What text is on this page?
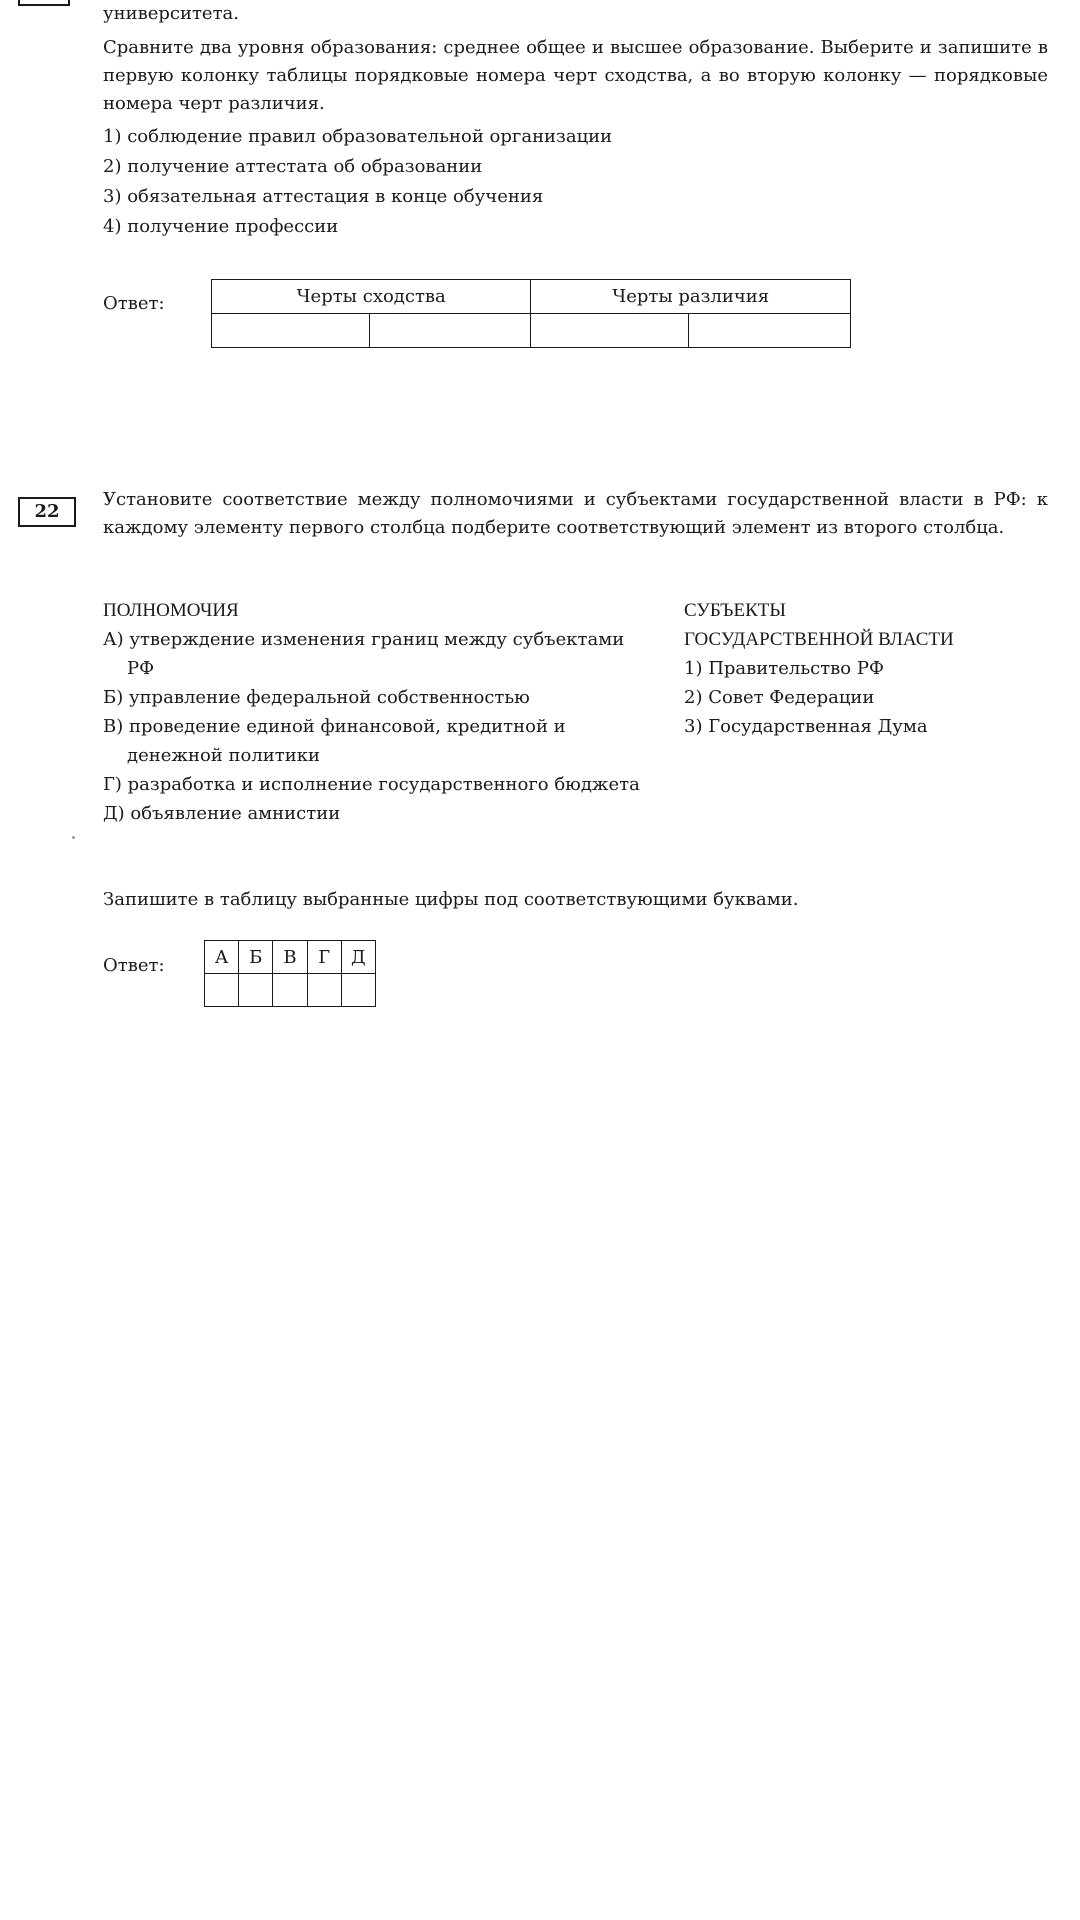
университета.

Сравните два уровня образования: среднее общее и высшее образование. Выберите и запишите в первую колонку таблицы порядковые номера черт сходства, а во вторую колонку — порядковые номера черт различия.

1) соблюдение правил образовательной организации

2) получение аттестата об образовании

3) обязательная аттестация в конце обучения

4) получение профессии

Ответ:	Черты сходства		Черты различия	

22
Установите соответствие между полномочиями и субъектами государственной власти в РФ: к каждому элементу первого столбца подберите соответствующий элемент из второго столбца.

ПОЛНОМОЧИЯ

А) утверждение изменения границ между субъектами РФ

Б) управление федеральной собственностью

В) проведение единой финансовой, кредитной и денежной политики

Г) разработка и исполнение государственного бюджета

Д) объявление амнистии

СУБЪЕКТЫ

ГОСУДАРСТВЕННОЙ ВЛАСТИ

1) Правительство РФ

2) Совет Федерации

3) Государственная Дума

Запишите в таблицу выбранные цифры под соответствующими буквами.
Ответ:	А	Б	В	Г	Д
